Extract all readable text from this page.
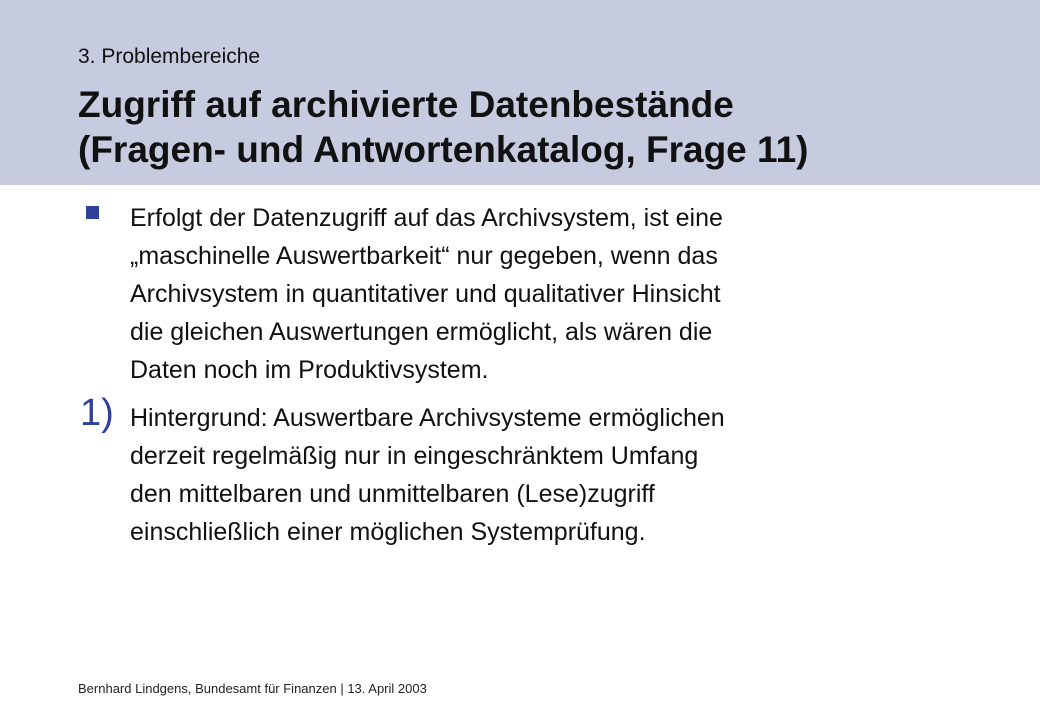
3. Problembereiche
Zugriff auf archivierte Datenbestände
(Fragen- und Antwortenkatalog, Frage 11)
Erfolgt der Datenzugriff auf das Archivsystem, ist eine
„maschinelle Auswertbarkeit“ nur gegeben, wenn das
Archivsystem in quantitativer und qualitativer Hinsicht
die gleichen Auswertungen ermöglicht, als wären die
Daten noch im Produktivsystem.
1) Hintergrund: Auswertbare Archivsysteme ermöglichen
derzeit regelmäßig nur in eingeschränktem Umfang
den mittelbaren und unmittelbaren (Lese)zugriff
einschließlich einer möglichen Systemprüfung.
Bernhard Lindgens, Bundesamt für Finanzen | 13. April 2003
